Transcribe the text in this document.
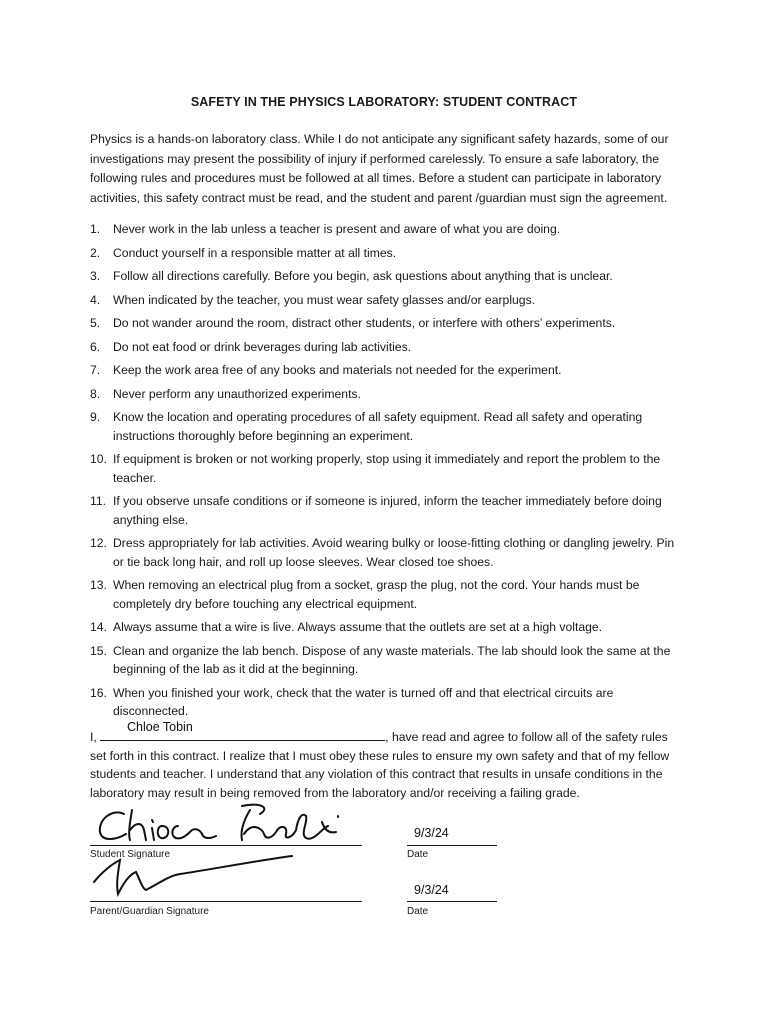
SAFETY IN THE PHYSICS LABORATORY: STUDENT CONTRACT

Physics is a hands-on laboratory class. While I do not anticipate any significant safety hazards, some of our investigations may present the possibility of injury if performed carelessly. To ensure a safe laboratory, the following rules and procedures must be followed at all times. Before a student can participate in laboratory activities, this safety contract must be read, and the student and parent /guardian must sign the agreement.

1.	Never work in the lab unless a teacher is present and aware of what you are doing.
2.	Conduct yourself in a responsible matter at all times.
3.	Follow all directions carefully. Before you begin, ask questions about anything that is unclear.
4.	When indicated by the teacher, you must wear safety glasses and/or earplugs.
5.	Do not wander around the room, distract other students, or interfere with others’ experiments.
6.	Do not eat food or drink beverages during lab activities.
7.	Keep the work area free of any books and materials not needed for the experiment.
8.	Never perform any unauthorized experiments.
9.	Know the location and operating procedures of all safety equipment. Read all safety and operating instructions thoroughly before beginning an experiment.
10. If equipment is broken or not working properly, stop using it immediately and report the problem to the teacher.
11. If you observe unsafe conditions or if someone is injured, inform the teacher immediately before doing anything else.
12. Dress appropriately for lab activities. Avoid wearing bulky or loose-fitting clothing or dangling jewelry. Pin or tie back long hair, and roll up loose sleeves. Wear closed toe shoes.
13. When removing an electrical plug from a socket, grasp the plug, not the cord. Your hands must be completely dry before touching any electrical equipment.
14. Always assume that a wire is live. Always assume that the outlets are set at a high voltage.
15. Clean and organize the lab bench. Dispose of any waste materials. The lab should look the same at the beginning of the lab as it did at the beginning.
16. When you finished your work, check that the water is turned off and that electrical circuits are disconnected.
Chloe Tobin

I,	, have read and agree to follow all of the safety rules set forth in this contract. I realize that I must obey these rules to ensure my own safety and that of my fellow students and teacher. I understand that any violation of this contract that results in unsafe conditions in the laboratory may result in being removed from the laboratory and/or receiving a failing grade.

Student Signature
9/3/24
Date
Parent/Guardian Signature
9/3/24
Date
